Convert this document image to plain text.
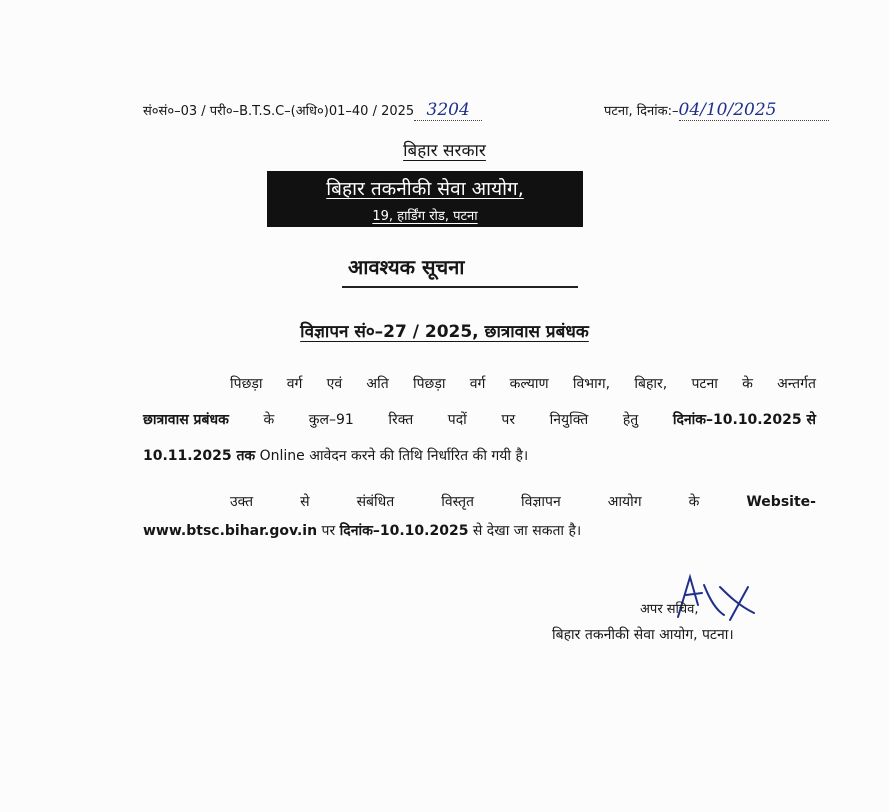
सं०सं०–03 / परी०–B.T.S.C–(अधि०)01–40 / 2025 3204	पटना, दिनांक:–04/10/2025
बिहार सरकार
बिहार तकनीकी सेवा आयोग,
19, हार्डिंग रोड, पटना
आवश्यक सूचना
विज्ञापन सं०–27 / 2025, छात्रावास प्रबंधक
पिछड़ा वर्ग एवं अति पिछड़ा वर्ग कल्याण विभाग, बिहार, पटना के अन्तर्गत
छात्रावास प्रबंधक के कुल–91 रिक्त पदों पर नियुक्ति हेतु दिनांक–10.10.2025 से
10.11.2025 तक Online आवेदन करने की तिथि निर्धारित की गयी है।
उक्त	से	संबंधित	विस्तृत	विज्ञापन	आयोग	के	Website-
www.btsc.bihar.gov.in पर दिनांक–10.10.2025 से देखा जा सकता है।
अपर सचिव,
बिहार तकनीकी सेवा आयोग, पटना।
